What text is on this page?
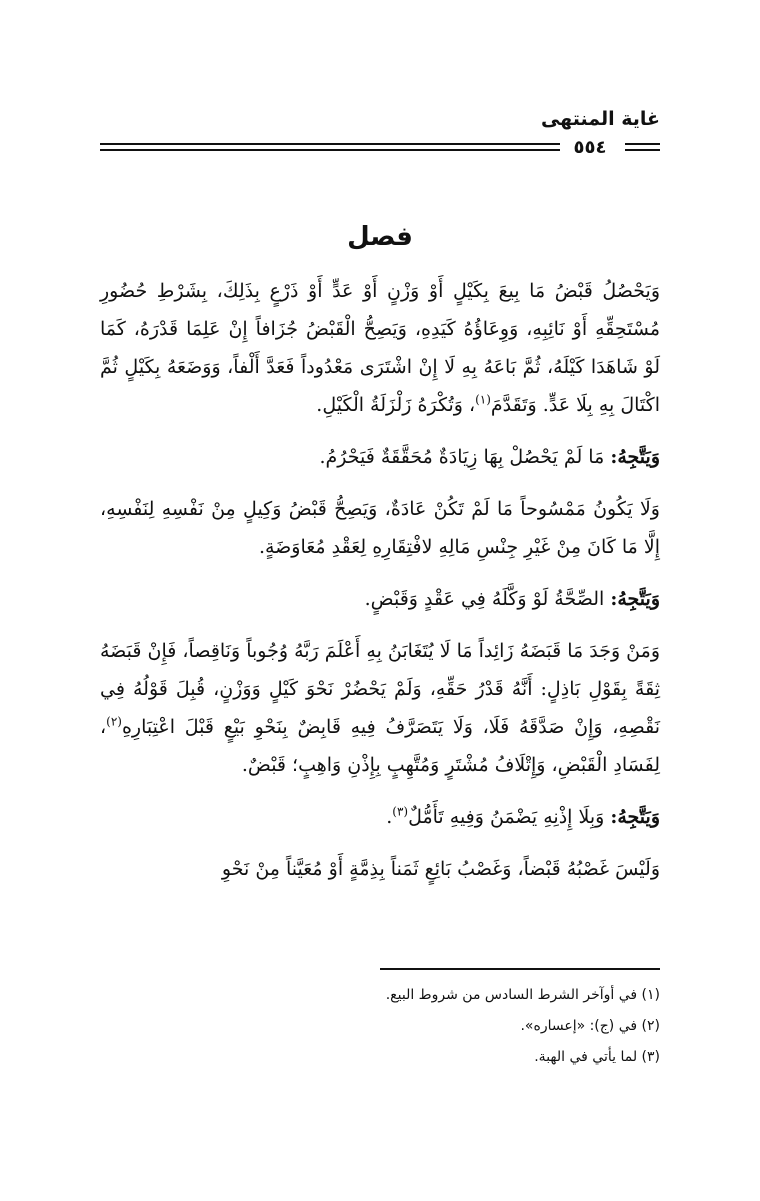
غاية المنتهى
٥٥٤
فصل

وَيَحْصُلُ قَبْضُ مَا بِيعَ بِكَيْلٍ أَوْ وَزْنٍ أَوْ عَدٍّ أَوْ ذَرْعٍ بِذَلِكَ، بِشَرْطِ حُضُورِ مُسْتَحِقِّهِ أَوْ نَائِبِهِ، وَوِعَاؤُهُ كَيَدِهِ، وَيَصِحُّ الْقَبْضُ جُزَافاً إِنْ عَلِمَا قَدْرَهُ، كَمَا لَوْ شَاهَدَا كَيْلَهُ، ثُمَّ بَاعَهُ بِهِ لَا إِنْ اشْتَرَى مَعْدُوداً فَعَدَّ أَلْفاً، وَوَضَعَهُ بِكَيْلٍ ثُمَّ اكْتَالَ بِهِ بِلَا عَدٍّ. وَتَقَدَّمَ$^{(١)}$، وَتُكْرَهُ زَلْزَلَةُ الْكَيْلِ.

وَيَتَّجِهُ: مَا لَمْ يَحْصُلْ بِهَا زِيَادَةٌ مُحَقَّقَةٌ فَيَحْرُمُ.

وَلَا يَكُونُ مَمْسُوحاً مَا لَمْ تَكُنْ عَادَةٌ، وَيَصِحُّ قَبْضُ وَكِيلٍ مِنْ نَفْسِهِ لِنَفْسِهِ، إِلَّا مَا كَانَ مِنْ غَيْرِ جِنْسِ مَالِهِ لافْتِقَارِهِ لِعَقْدِ مُعَاوَضَةٍ.

وَيَتَّجِهُ: الصِّحَّةُ لَوْ وَكَّلَهُ فِي عَقْدٍ وَقَبْضٍ.

وَمَنْ وَجَدَ مَا قَبَضَهُ زَائِداً مَا لَا يُتَغَابَنُ بِهِ أَعْلَمَ رَبَّهُ وُجُوباً وَنَاقِصاً، فَإِنْ قَبَضَهُ ثِقَةً بِقَوْلِ بَاذِلٍ: أَنَّهُ قَدْرُ حَقِّهِ، وَلَمْ يَحْضُرْ نَحْوَ كَيْلٍ وَوَزْنٍ، قُبِلَ قَوْلُهُ فِي نَقْصِهِ، وَإِنْ صَدَّقَهُ فَلَا، وَلَا يَتَصَرَّفُ فِيهِ قَابِضٌ بِنَحْوِ بَيْعٍ قَبْلَ اعْتِبَارِهِ$^{(٢)}$، لِفَسَادِ الْقَبْضِ، وَإِتْلَافُ مُشْتَرٍ وَمُتَّهِبٍ بِإِذْنِ وَاهِبٍ؛ قَبْضٌ.

وَيَتَّجِهُ: وَبِلَا إِذْنِهِ يَضْمَنُ وَفِيهِ تَأَمُّلٌ$^{(٣)}$.

وَلَيْسَ غَصْبُهُ قَبْضاً، وَغَصْبُ بَائِعٍ ثَمَناً بِذِمَّةٍ أَوْ مُعَيَّناً مِنْ نَحْوِ

(١) في أوآخر الشرط السادس من شروط البيع.
(٢) في (ج): «إعساره».
(٣) لما يأتي في الهبة.
